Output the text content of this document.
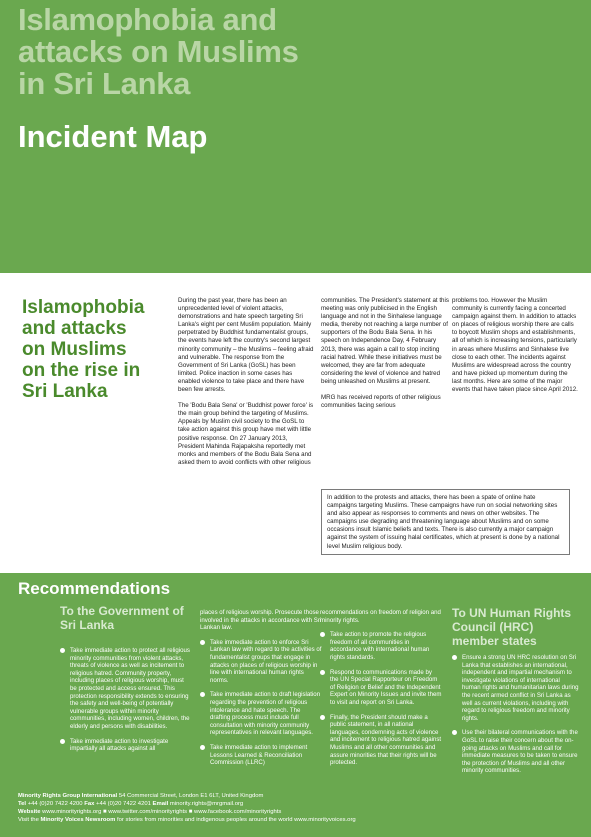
Islamophobia and
attacks on Muslims
in Sri Lanka
Incident Map
Islamophobia
and attacks
on Muslims
on the rise in
Sri Lanka

During the past year, there has been an unprecedented level of violent attacks, demonstrations and hate speech targeting Sri Lanka's eight per cent Muslim population. Mainly perpetrated by Buddhist fundamentalist groups, the events have left the country's second largest minority community – the Muslims – feeling afraid and vulnerable. The response from the Government of Sri Lanka (GoSL) has been limited. Police inaction in some cases has enabled violence to take place and there have been few arrests.

The 'Bodu Bala Sena' or 'Buddhist power force' is the main group behind the targeting of Muslims. Appeals by Muslim civil society to the GoSL to take action against this group have met with little positive response. On 27 January 2013, President Mahinda Rajapaksha reportedly met monks and members of the Bodu Bala Sena and asked them to avoid conflicts with other religious

communities. The President's statement at this meeting was only publicised in the English language and not in the Sinhalese language media, thereby not reaching a large number of supporters of the Bodu Bala Sena. In his speech on Independence Day, 4 February 2013, there was again a call to stop inciting racial hatred. While these initiatives must be welcomed, they are far from adequate considering the level of violence and hatred being unleashed on Muslims at present.

MRG has received reports of other religious communities facing serious

problems too. However the Muslim community is currently facing a concerted campaign against them. In addition to attacks on places of religious worship there are calls to boycott Muslim shops and establishments, all of which is increasing tensions, particularly in areas where Muslims and Sinhalese live close to each other. The incidents against Muslims are widespread across the country and have picked up momentum during the last months. Here are some of the major events that have taken place since April 2012.

In addition to the protests and attacks, there has been a spate of online hate campaigns targeting Muslims. These campaigns have run on social networking sites and also appear as responses to comments and news on other websites. The campaigns use degrading and threatening language about Muslims and on some occasions insult Islamic beliefs and texts. There is also currently a major campaign against the system of issuing halal certificates, which at present is done by a national level Muslim religious body.
Recommendations
To the Government of Sri Lanka
To UN Human Rights Council (HRC) member states
Take immediate action to protect all religious minority communities from violent attacks, threats of violence as well as incitement to religious hatred. Community property, including places of religious worship, must be protected and access ensured. This protection responsibility extends to ensuring the safety and well-being of potentially vulnerable groups within minority communities, including women, children, the elderly and persons with disabilities.
Take immediate action to investigate impartially all attacks against all
places of religious worship. Prosecute those involved in the attacks in accordance with Sri Lankan law.
Take immediate action to enforce Sri Lankan law with regard to the activities of fundamentalist groups that engage in attacks on places of religious worship in line with international human rights norms.
Take immediate action to draft legislation regarding the prevention of religious intolerance and hate speech. The drafting process must include full consultation with minority community representatives in relevant languages.
Take immediate action to implement Lessons Learned & Reconciliation Commission (LLRC)
recommendations on freedom of religion and minority rights.
Take action to promote the religious freedom of all communities in accordance with international human rights standards.
Respond to communications made by the UN Special Rapporteur on Freedom of Religion or Belief and the Independent Expert on Minority Issues and invite them to visit and report on Sri Lanka.
Finally, the President should make a public statement, in all national languages, condemning acts of violence and incitement to religious hatred against Muslims and all other communities and assure minorities that their rights will be protected.
Ensure a strong UN HRC resolution on Sri Lanka that establishes an international, independent and impartial mechanism to investigate violations of international human rights and humanitarian laws during the recent armed conflict in Sri Lanka as well as current violations, including with regard to religious freedom and minority rights.
Use their bilateral communications with the GoSL to raise their concern about the on-going attacks on Muslims and call for immediate measures to be taken to ensure the protection of Muslims and all other minority communities.
Minority Rights Group International 54 Commercial Street, London E1 6LT, United Kingdom
Tel +44 (0)20 7422 4200 Fax +44 (0)20 7422 4201 Email minority.rights@mrgmail.org
Website www.minorityrights.org ■ www.twitter.com/minorityrights ■ www.facebook.com/minorityrights
Visit the Minority Voices Newsroom for stories from minorities and indigenous peoples around the world www.minorityvoices.org
